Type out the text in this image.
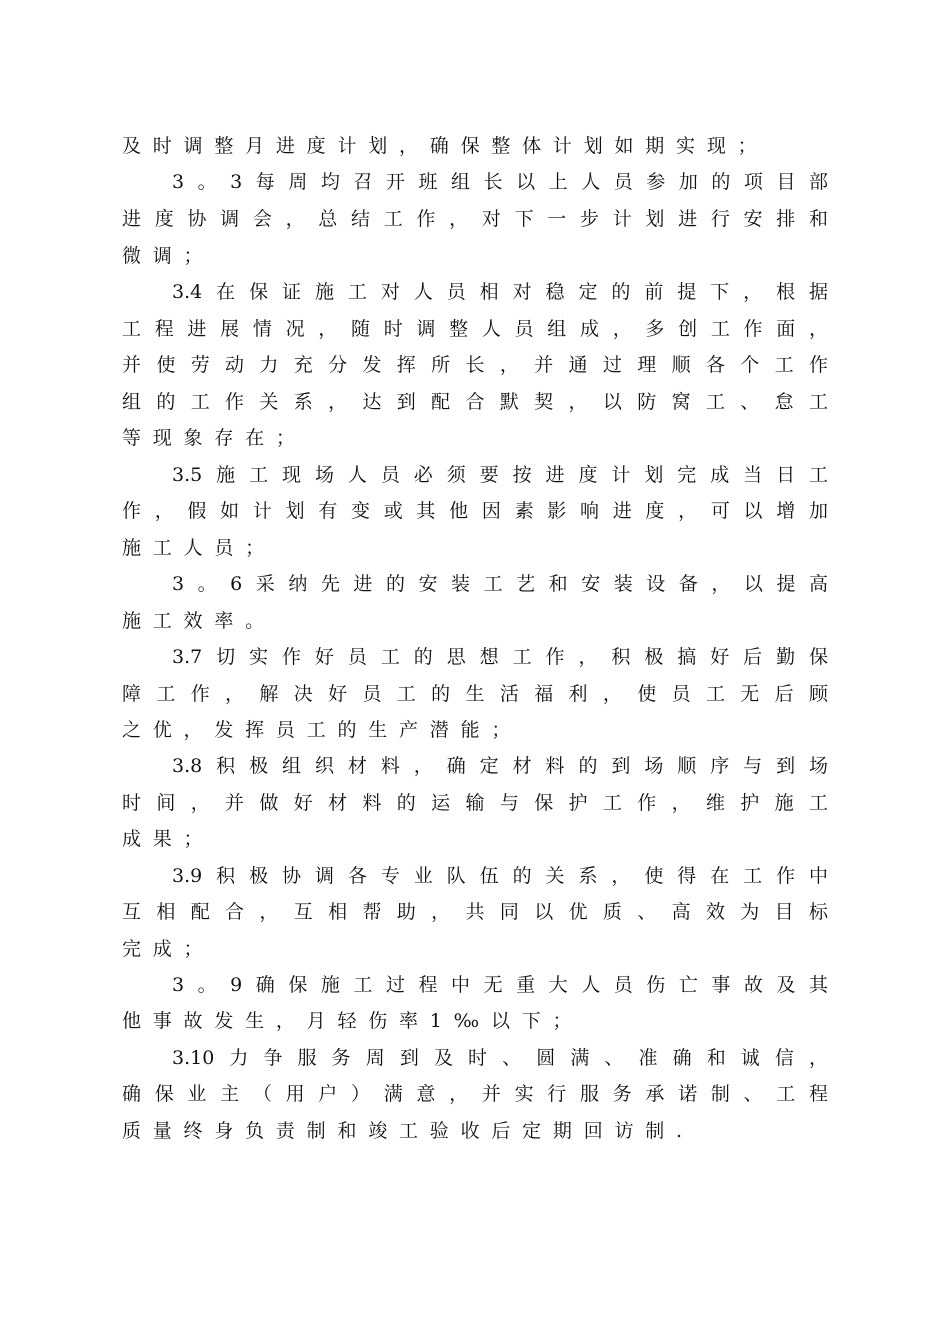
及时调整月进度计划，确保整体计划如期实现；

3。3每周均召开班组长以上人员参加的项目部

进度协调会，总结工作，对下一步计划进行安排和

微调；

3.4在保证施工对人员相对稳定的前提下，根据

工程进展情况，随时调整人员组成，多创工作面，

并使劳动力充分发挥所长，并通过理顺各个工作

组的工作关系，达到配合默契，以防窝工、怠工

等现象存在；

3.5施工现场人员必须要按进度计划完成当日工

作，假如计划有变或其他因素影响进度，可以增加

施工人员；

3。6采纳先进的安装工艺和安装设备，以提高

施工效率。

3.7切实作好员工的思想工作，积极搞好后勤保

障工作，解决好员工的生活福利，使员工无后顾

之优，发挥员工的生产潜能；

3.8积极组织材料，确定材料的到场顺序与到场

时间，并做好材料的运输与保护工作，维护施工

成果；

3.9积极协调各专业队伍的关系，使得在工作中

互相配合，互相帮助，共同以优质、高效为目标

完成；

3。9确保施工过程中无重大人员伤亡事故及其

他事故发生，月轻伤率1‰以下；

3.10力争服务周到及时、圆满、准确和诚信，

确保业主（用户）满意，并实行服务承诺制、工程

质量终身负责制和竣工验收后定期回访制.
